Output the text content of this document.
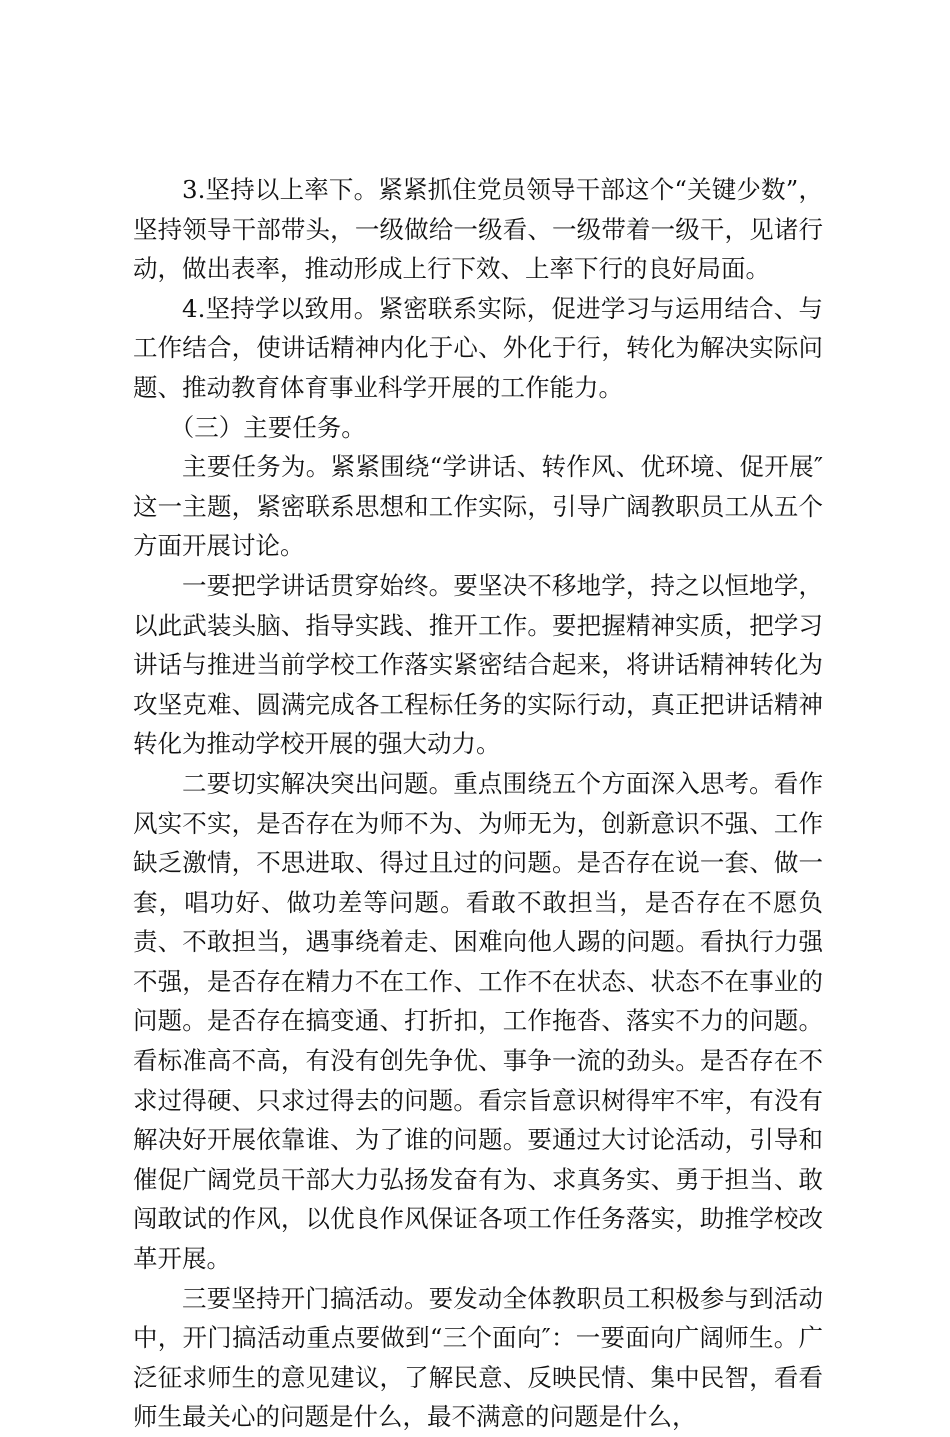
3.坚持以上率下。紧紧抓住党员领导干部这个“关键少数”，坚持领导干部带头，一级做给一级看、一级带着一级干，见诸行动，做出表率，推动形成上行下效、上率下行的良好局面。

4.坚持学以致用。紧密联系实际，促进学习与运用结合、与工作结合，使讲话精神内化于心、外化于行，转化为解决实际问题、推动教育体育事业科学开展的工作能力。

（三）主要任务。

主要任务为。紧紧围绕“学讲话、转作风、优环境、促开展″这一主题，紧密联系思想和工作实际，引导广阔教职员工从五个方面开展讨论。

一要把学讲话贯穿始终。要坚决不移地学，持之以恒地学，以此武装头脑、指导实践、推开工作。要把握精神实质，把学习讲话与推进当前学校工作落实紧密结合起来，将讲话精神转化为攻坚克难、圆满完成各工程标任务的实际行动，真正把讲话精神转化为推动学校开展的强大动力。

二要切实解决突出问题。重点围绕五个方面深入思考。看作风实不实，是否存在为师不为、为师无为，创新意识不强、工作缺乏激情，不思进取、得过且过的问题。是否存在说一套、做一套，唱功好、做功差等问题。看敢不敢担当，是否存在不愿负责、不敢担当，遇事绕着走、困难向他人踢的问题。看执行力强不强，是否存在精力不在工作、工作不在状态、状态不在事业的问题。是否存在搞变通、打折扣，工作拖沓、落实不力的问题。看标准高不高，有没有创先争优、事争一流的劲头。是否存在不求过得硬、只求过得去的问题。看宗旨意识树得牢不牢，有没有解决好开展依靠谁、为了谁的问题。要通过大讨论活动，引导和催促广阔党员干部大力弘扬发奋有为、求真务实、勇于担当、敢闯敢试的作风，以优良作风保证各项工作任务落实，助推学校改革开展。

三要坚持开门搞活动。要发动全体教职员工积极参与到活动中，开门搞活动重点要做到“三个面向″：一要面向广阔师生。广泛征求师生的意见建议，了解民意、反映民情、集中民智，看看师生最关心的问题是什么，最不满意的问题是什么，
